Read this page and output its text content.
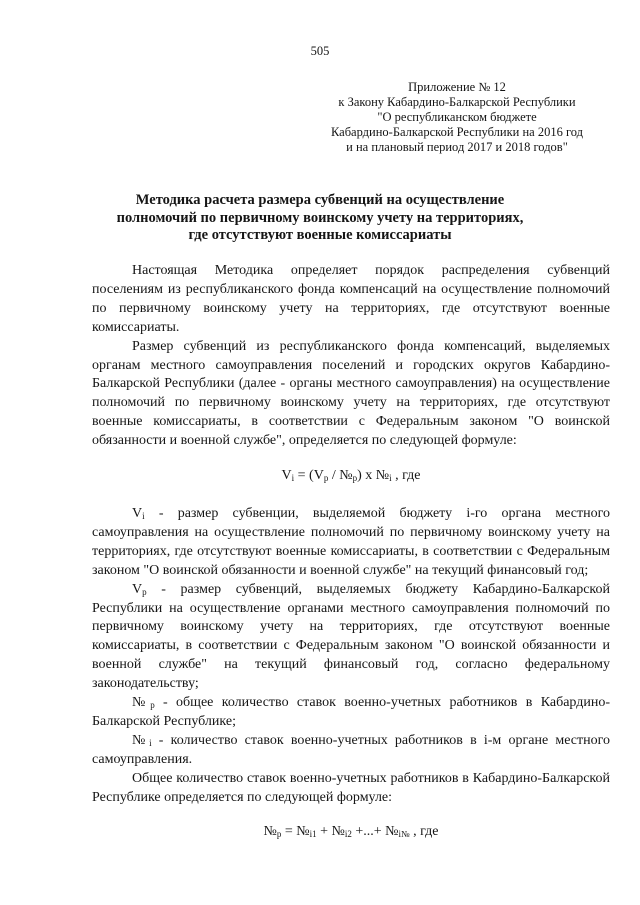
505
Приложение № 12
к Закону Кабардино-Балкарской Республики
"О республиканском бюджете
Кабардино-Балкарской Республики на 2016 год
и на плановый период 2017 и 2018 годов"
Методика расчета размера субвенций на осуществление
полномочий по первичному воинскому учету на территориях,
где отсутствуют военные комиссариаты

Настоящая Методика определяет порядок распределения субвенций поселениям из республиканского фонда компенсаций на осуществление полномочий по первичному воинскому учету на территориях, где отсутствуют военные комиссариаты.

Размер субвенций из республиканского фонда компенсаций, выделяемых органам местного самоуправления поселений и городских округов Кабардино-Балкарской Республики (далее - органы местного самоуправления) на осуществление полномочий по первичному воинскому учету на территориях, где отсутствуют военные комиссариаты, в соответствии с Федеральным законом "О воинской обязанности и военной службе", определяется по следующей формуле:

$V_i = (V_р$ / $№_р$) х $№_i$ , где

$V_i$ - размер субвенции, выделяемой бюджету i-го органа местного самоуправления на осуществление полномочий по первичному воинскому учету на территориях, где отсутствуют военные комиссариаты, в соответствии с Федеральным законом "О воинской обязанности и военной службе" на текущий финансовый год;

$V_р$ - размер субвенций, выделяемых бюджету Кабардино-Балкарской Республики на осуществление органами местного самоуправления полномочий по первичному воинскому учету на территориях, где отсутствуют военные комиссариаты, в соответствии с Федеральным законом "О воинской обязанности и военной службе" на текущий финансовый год, согласно федеральному законодательству;

$№_р$ - общее количество ставок военно-учетных работников в Кабардино-Балкарской Республике;

$№_i$ - количество ставок военно-учетных работников в i-м органе местного самоуправления.

Общее количество ставок военно-учетных работников в Кабардино-Балкарской Республике определяется по следующей формуле:

$№_р$ = $№_{i1}$ + $№_{i2}$ +...+ $№_{i№}$ , где
